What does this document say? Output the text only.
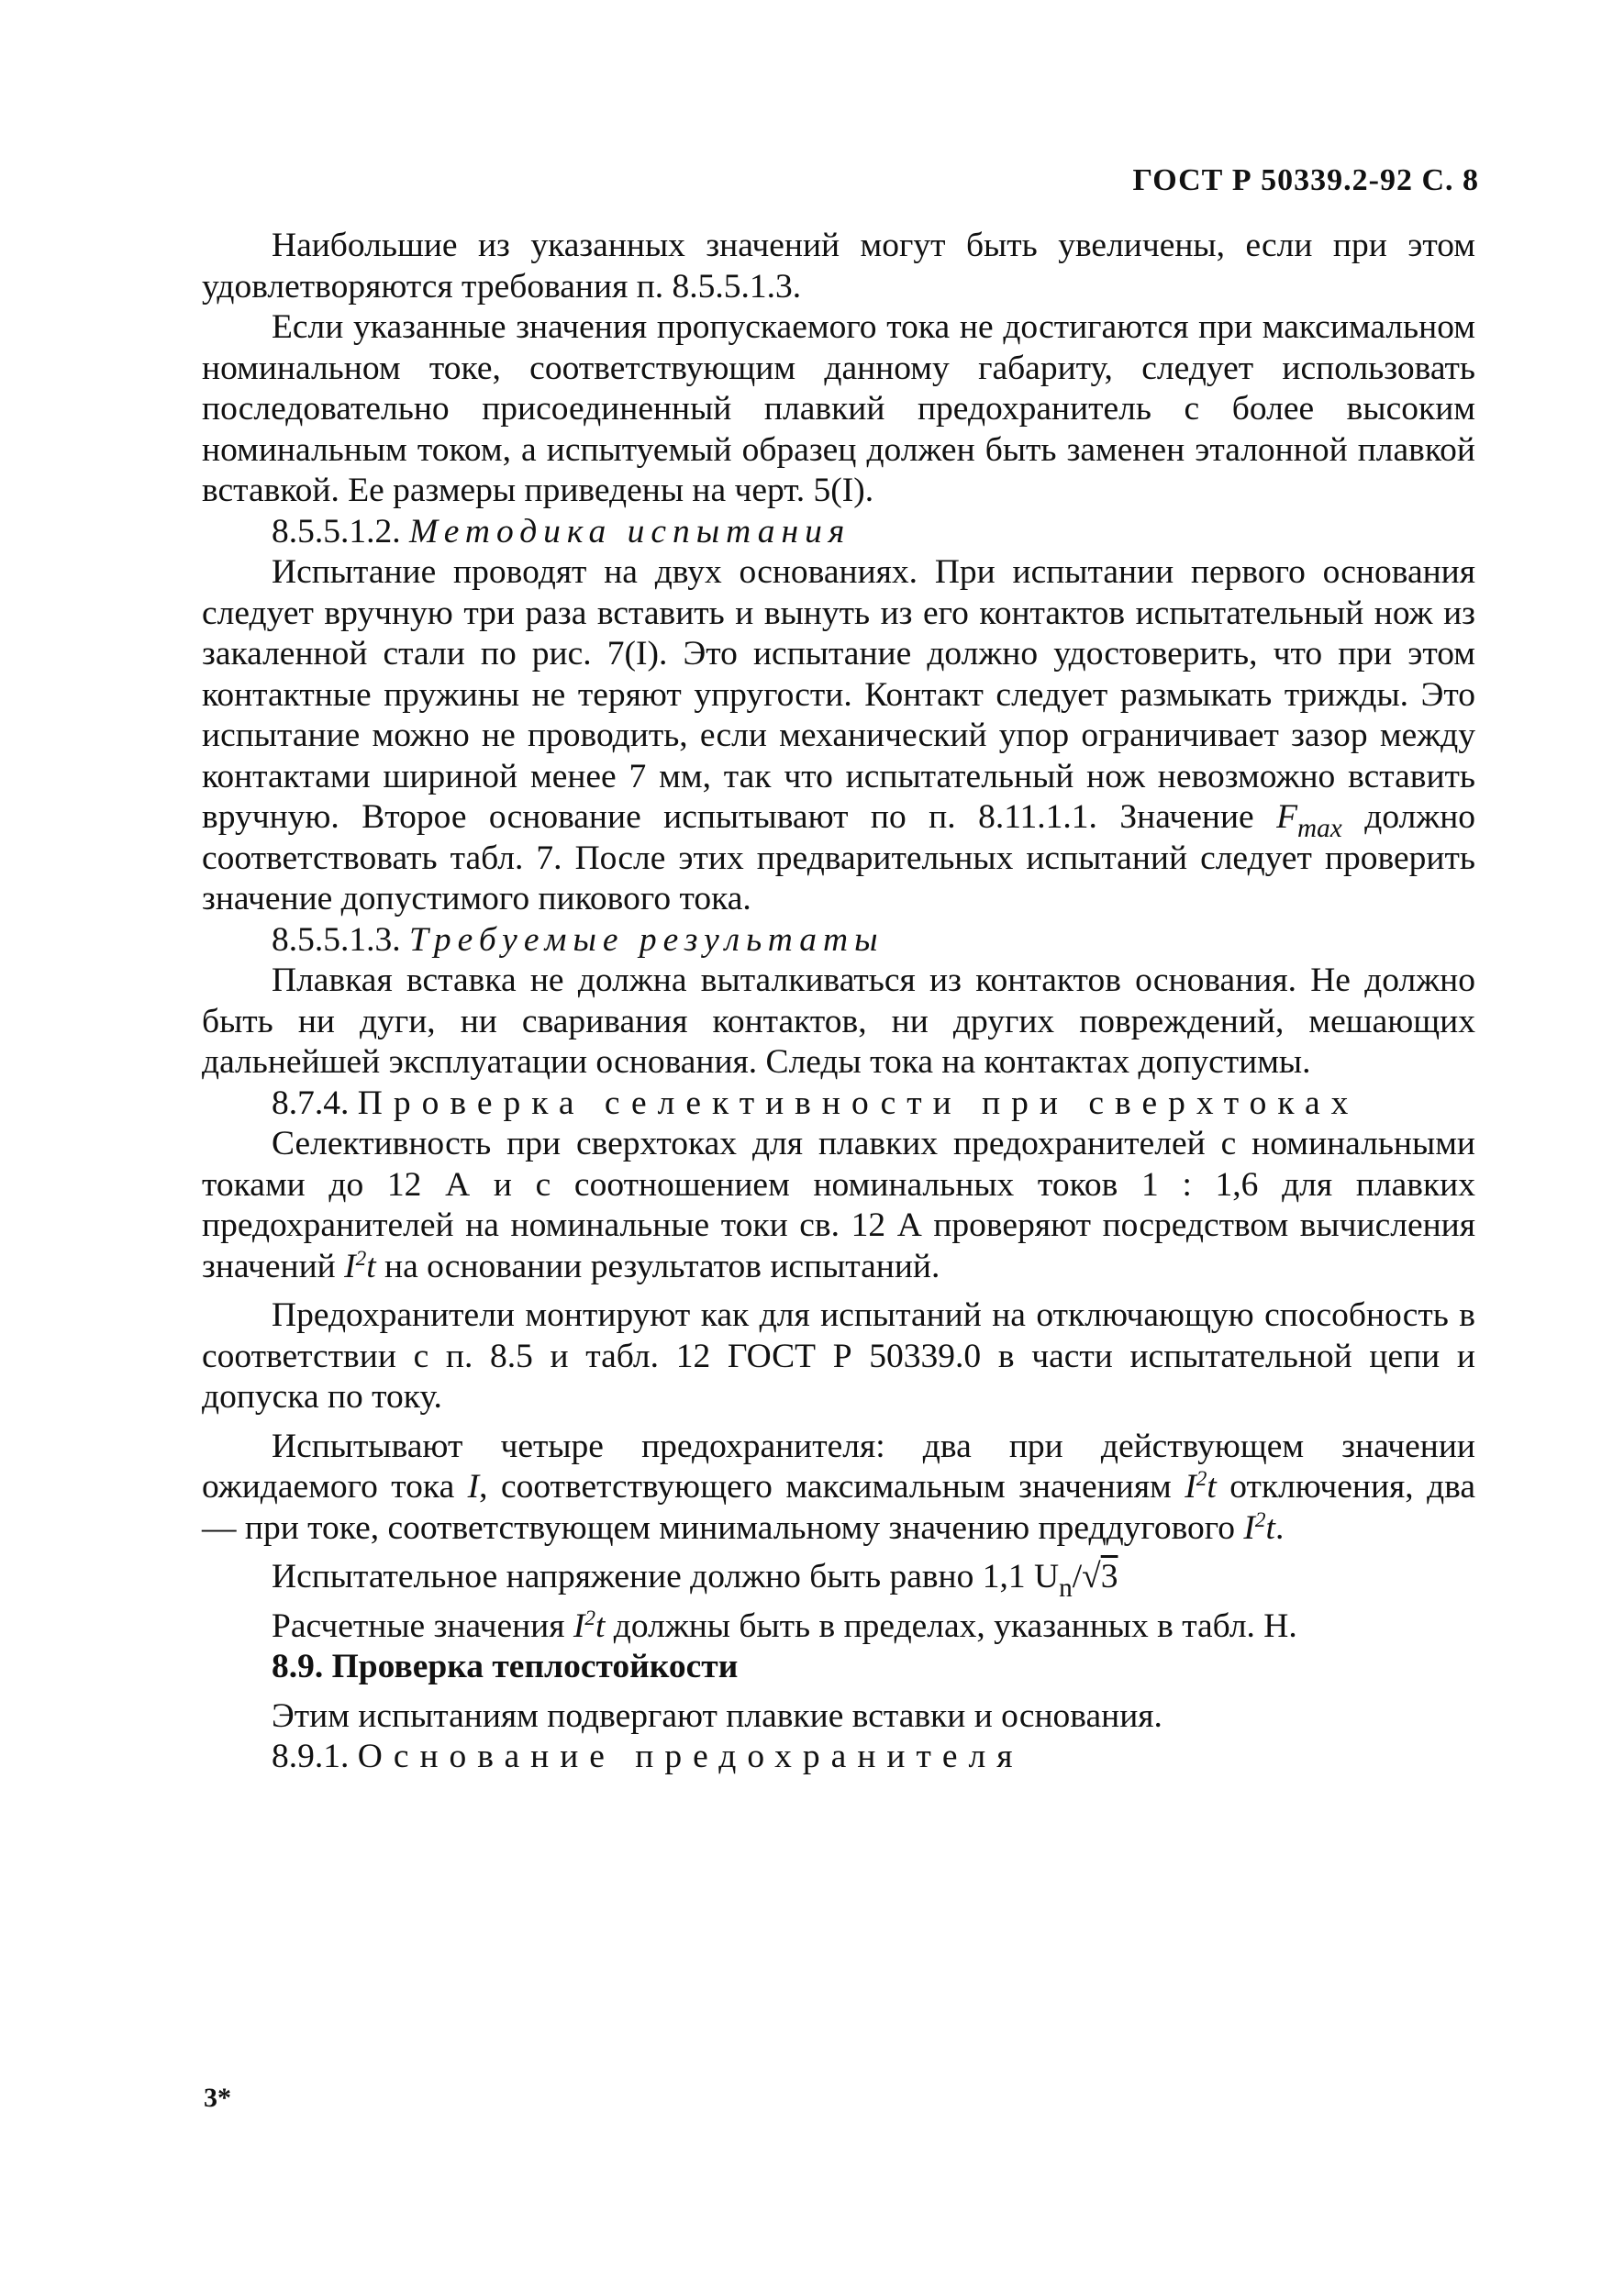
ГОСТ Р 50339.2-92 С. 8

Наибольшие из указанных значений могут быть увеличены, если при этом удовлетворяются требования п. 8.5.5.1.3.

Если указанные значения пропускаемого тока не достигаются при максимальном номинальном токе, соответствующим данному габариту, следует использовать последовательно присоединенный плавкий предохранитель с более высоким номинальным током, а испытуемый образец должен быть заменен эталонной плавкой вставкой. Ее размеры приведены на черт. 5(I).

8.5.5.1.2. Методика испытания

Испытание проводят на двух основаниях. При испытании первого основания следует вручную три раза вставить и вынуть из его контактов испытательный нож из закаленной стали по рис. 7(I). Это испытание должно удостоверить, что при этом контактные пружины не теряют упругости. Контакт следует размыкать трижды. Это испытание можно не проводить, если механический упор ограничивает зазор между контактами шириной менее 7 мм, так что испытательный нож невозможно вставить вручную. Второе основание испытывают по п. 8.11.1.1. Значение $F_{max}$ должно соответствовать табл. 7. После этих предварительных испытаний следует проверить значение допустимого пикового тока.

8.5.5.1.3. Требуемые результаты

Плавкая вставка не должна выталкиваться из контактов основания. Не должно быть ни дуги, ни сваривания контактов, ни других повреждений, мешающих дальнейшей эксплуатации основания. Следы тока на контактах допустимы.

8.7.4. Проверка селективности при сверхтоках

Селективность при сверхтоках для плавких предохранителей с номинальными токами до 12 А и с соотношением номинальных токов 1 : 1,6 для плавких предохранителей на номинальные токи св. 12 А проверяют посредством вычисления значений $I^2t$ на основании результатов испытаний.

Предохранители монтируют как для испытаний на отключающую способность в соответствии с п. 8.5 и табл. 12 ГОСТ Р 50339.0 в части испытательной цепи и допуска по току.

Испытывают четыре предохранителя: два при действующем значении ожидаемого тока I, соответствующего максимальным значениям $I^2t$ отключения, два — при токе, соответствующем минимальному значению преддугового $I^2t$.

Испытательное напряжение должно быть равно 1,1 $U_n/√3$

Расчетные значения $I^2t$ должны быть в пределах, указанных в табл. Н.

8.9. Проверка теплостойкости

Этим испытаниям подвергают плавкие вставки и основания.

8.9.1. Основание предохранителя

3*
